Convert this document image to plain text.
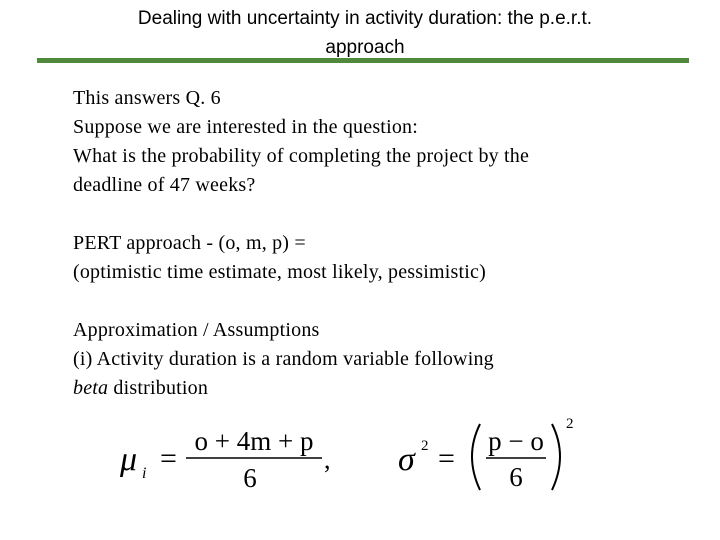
Dealing with uncertainty in activity duration: the p.e.r.t.
approach

This answers Q. 6

Suppose we are interested in the question:

What is the probability of completing the project by the

deadline of 47 weeks?

PERT approach - (o, m, p) =

(optimistic time estimate, most likely, pessimistic)

Approximation / Assumptions

(i) Activity duration is a random variable following

beta distribution

μ i =
o + 4m + p
6
, σ 2 =
p − o
6
2
